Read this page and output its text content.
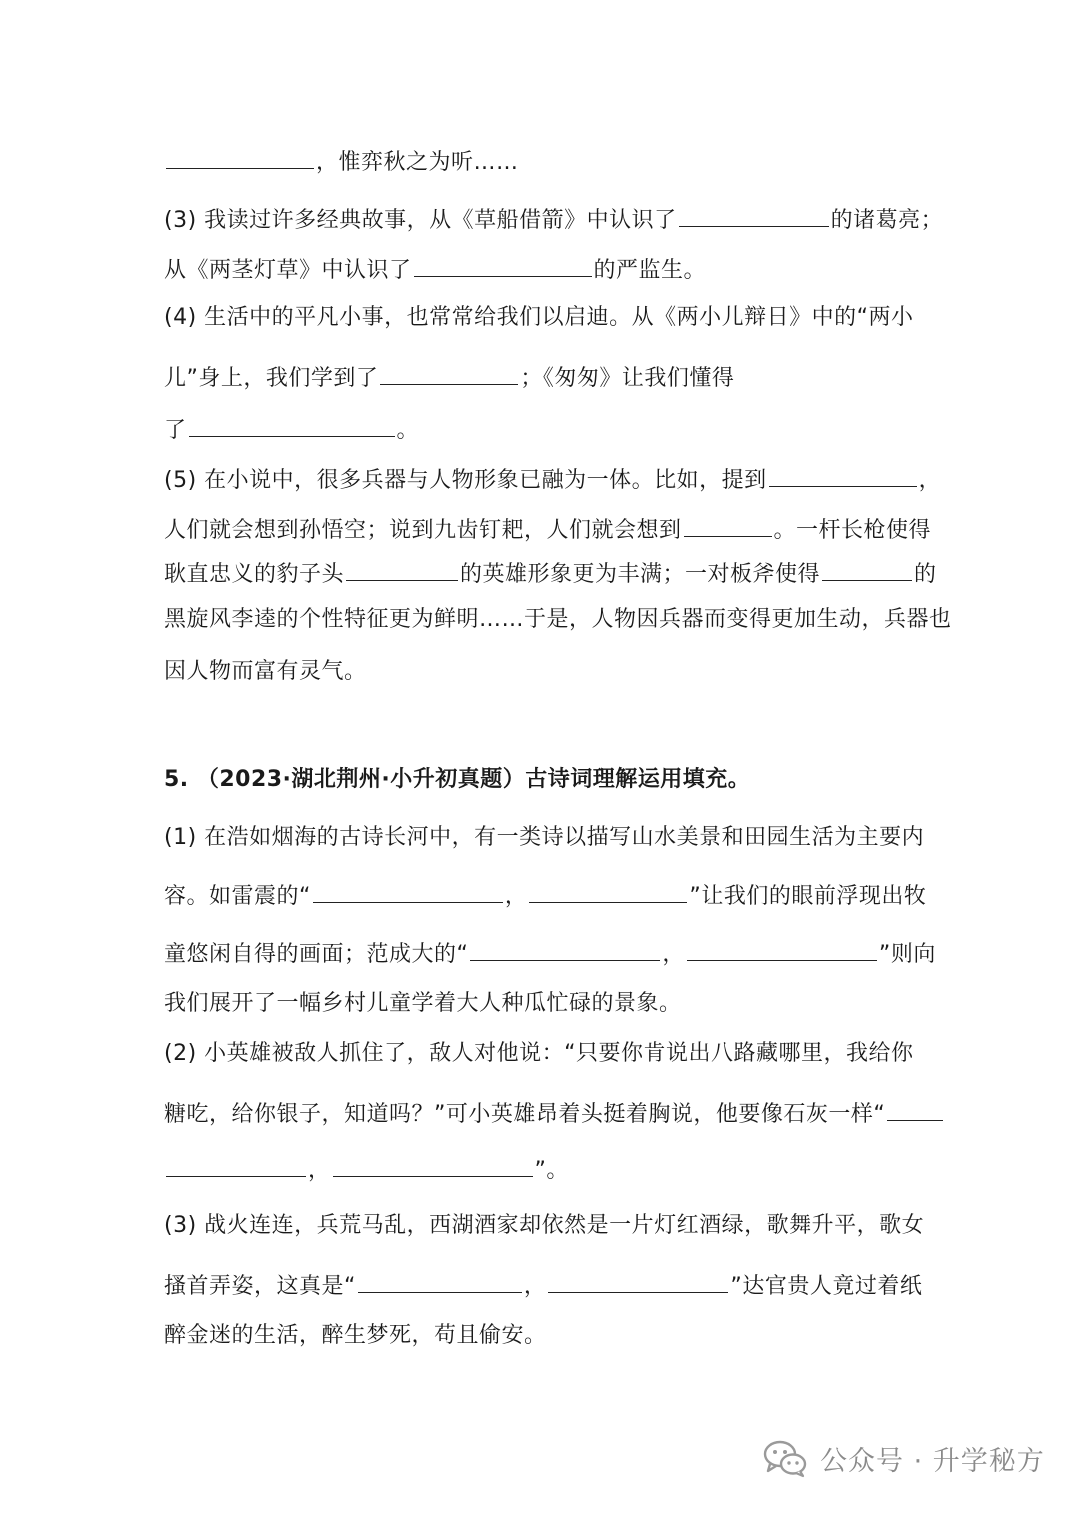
，惟弈秋之为听……
(3) 我读过许多经典故事，从《草船借箭》中认识了	的诸葛亮；
从《两茎灯草》中认识了	的严监生。
(4) 生活中的平凡小事，也常常给我们以启迪。从《两小儿辩日》中的“两小
儿”身上，我们学到了	；《匆匆》让我们懂得
了	。
(5) 在小说中，很多兵器与人物形象已融为一体。比如，提到	，
人们就会想到孙悟空；说到九齿钉耙，人们就会想到	。一杆长枪使得
耿直忠义的豹子头	的英雄形象更为丰满；一对板斧使得	的
黑旋风李逵的个性特征更为鲜明……于是，人物因兵器而变得更加生动，兵器也
因人物而富有灵气。
5. （2023·湖北荆州·小升初真题）古诗词理解运用填充。
(1) 在浩如烟海的古诗长河中，有一类诗以描写山水美景和田园生活为主要内
容。如雷震的“	，	”让我们的眼前浮现出牧
童悠闲自得的画面；范成大的“	，	”则向
我们展开了一幅乡村儿童学着大人种瓜忙碌的景象。
(2) 小英雄被敌人抓住了，敌人对他说：“只要你肯说出八路藏哪里，我给你
糖吃，给你银子，知道吗？”可小英雄昂着头挺着胸说，他要像石灰一样“
，	”。
(3) 战火连连，兵荒马乱，西湖酒家却依然是一片灯红酒绿，歌舞升平，歌女
搔首弄姿，这真是“	，	”达官贵人竟过着纸
醉金迷的生活，醉生梦死，苟且偷安。
公众号 · 升学秘方
